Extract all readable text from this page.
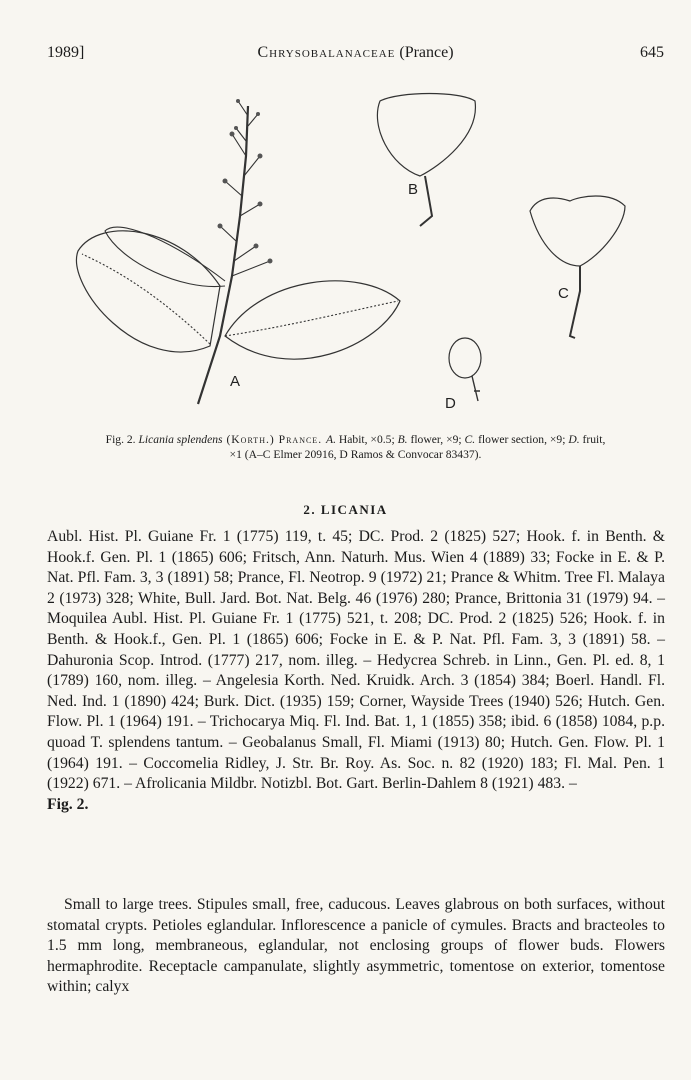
1989]	Chrysobalanaceae (Prance)	645
A
B
C
D
Fig. 2. Licania splendens (Korth.) Prance. A. Habit, ×0.5; B. flower, ×9; C. flower section, ×9; D. fruit,
×1 (A–C Elmer 20916, D Ramos & Convocar 83437).
2. LICANIA

Aubl. Hist. Pl. Guiane Fr. 1 (1775) 119, t. 45; DC. Prod. 2 (1825) 527; Hook. f. in Benth. & Hook.f. Gen. Pl. 1 (1865) 606; Fritsch, Ann. Naturh. Mus. Wien 4 (1889) 33; Focke in E. & P. Nat. Pfl. Fam. 3, 3 (1891) 58; Prance, Fl. Neotrop. 9 (1972) 21; Prance & Whitm. Tree Fl. Malaya 2 (1973) 328; White, Bull. Jard. Bot. Nat. Belg. 46 (1976) 280; Prance, Brittonia 31 (1979) 94. – Moquilea Aubl. Hist. Pl. Guiane Fr. 1 (1775) 521, t. 208; DC. Prod. 2 (1825) 526; Hook. f. in Benth. & Hook.f., Gen. Pl. 1 (1865) 606; Focke in E. & P. Nat. Pfl. Fam. 3, 3 (1891) 58. – Dahuronia Scop. Introd. (1777) 217, nom. illeg. – Hedycrea Schreb. in Linn., Gen. Pl. ed. 8, 1 (1789) 160, nom. illeg. – Angelesia Korth. Ned. Kruidk. Arch. 3 (1854) 384; Boerl. Handl. Fl. Ned. Ind. 1 (1890) 424; Burk. Dict. (1935) 159; Corner, Wayside Trees (1940) 526; Hutch. Gen. Flow. Pl. 1 (1964) 191. – Trichocarya Miq. Fl. Ind. Bat. 1, 1 (1855) 358; ibid. 6 (1858) 1084, p.p. quoad T. splendens tantum. – Geobalanus Small, Fl. Miami (1913) 80; Hutch. Gen. Flow. Pl. 1 (1964) 191. – Coccomelia Ridley, J. Str. Br. Roy. As. Soc. n. 82 (1920) 183; Fl. Mal. Pen. 1 (1922) 671. – Afrolicania Mildbr. Notizbl. Bot. Gart. Berlin-Dahlem 8 (1921) 483. –
Fig. 2.

Small to large trees. Stipules small, free, caducous. Leaves glabrous on both surfaces, without stomatal crypts. Petioles eglandular. Inflorescence a panicle of cymules. Bracts and bracteoles to 1.5 mm long, membraneous, eglandular, not enclosing groups of flower buds. Flowers hermaphrodite. Receptacle campanulate, slightly asymmetric, tomentose on exterior, tomentose within; calyx
